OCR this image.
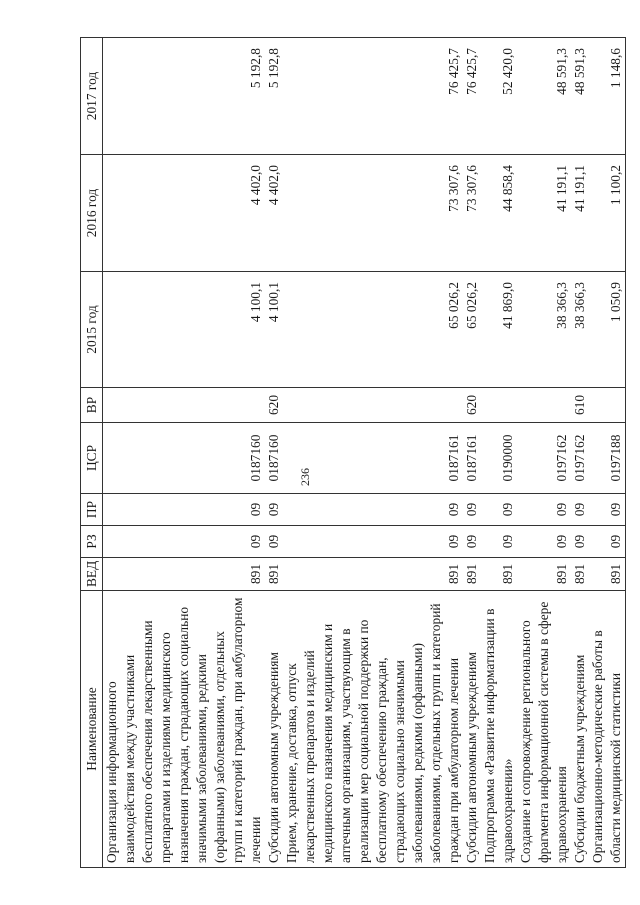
236
Наименование	ВЕД	РЗ	ПР	ЦСР	ВР	2015 год	2016 год	2017 год
Организация информационного взаимодействия между участниками бесплатного обеспечения лекарственными препаратами и изделиями медицинского назначения граждан, страдающих социально значимыми заболеваниями, редкими (орфанными) заболеваниями, отдельных групп и категорий граждан, при амбулаторном лечении	891	09	09	0187160		4 100,1	4 402,0	5 192,8
Субсидии автономным учреждениям	891	09	09	0187160	620	4 100,1	4 402,0	5 192,8
Прием, хранение, доставка, отпуск лекарственных препаратов и изделий медицинского назначения медицинским и аптечным организациям, участвующим в реализации мер социальной поддержки по бесплатному обеспечению граждан, страдающих социально значимыми заболеваниями, редкими (орфанными) заболеваниями, отдельных групп и категорий граждан при амбулаторном лечении	891	09	09	0187161		65 026,2	73 307,6	76 425,7
Субсидии автономным учреждениям	891	09	09	0187161	620	65 026,2	73 307,6	76 425,7
Подпрограмма «Развитие информатизации в здравоохранении»	891	09	09	0190000		41 869,0	44 858,4	52 420,0
Создание и сопровождение регионального фрагмента информационной системы в сфере здравоохранения	891	09	09	0197162		38 366,3	41 191,1	48 591,3
Субсидии бюджетным учреждениям	891	09	09	0197162	610	38 366,3	41 191,1	48 591,3
Организационно-методические работы в области медицинской статистики	891	09	09	0197188		1 050,9	1 100,2	1 148,6
